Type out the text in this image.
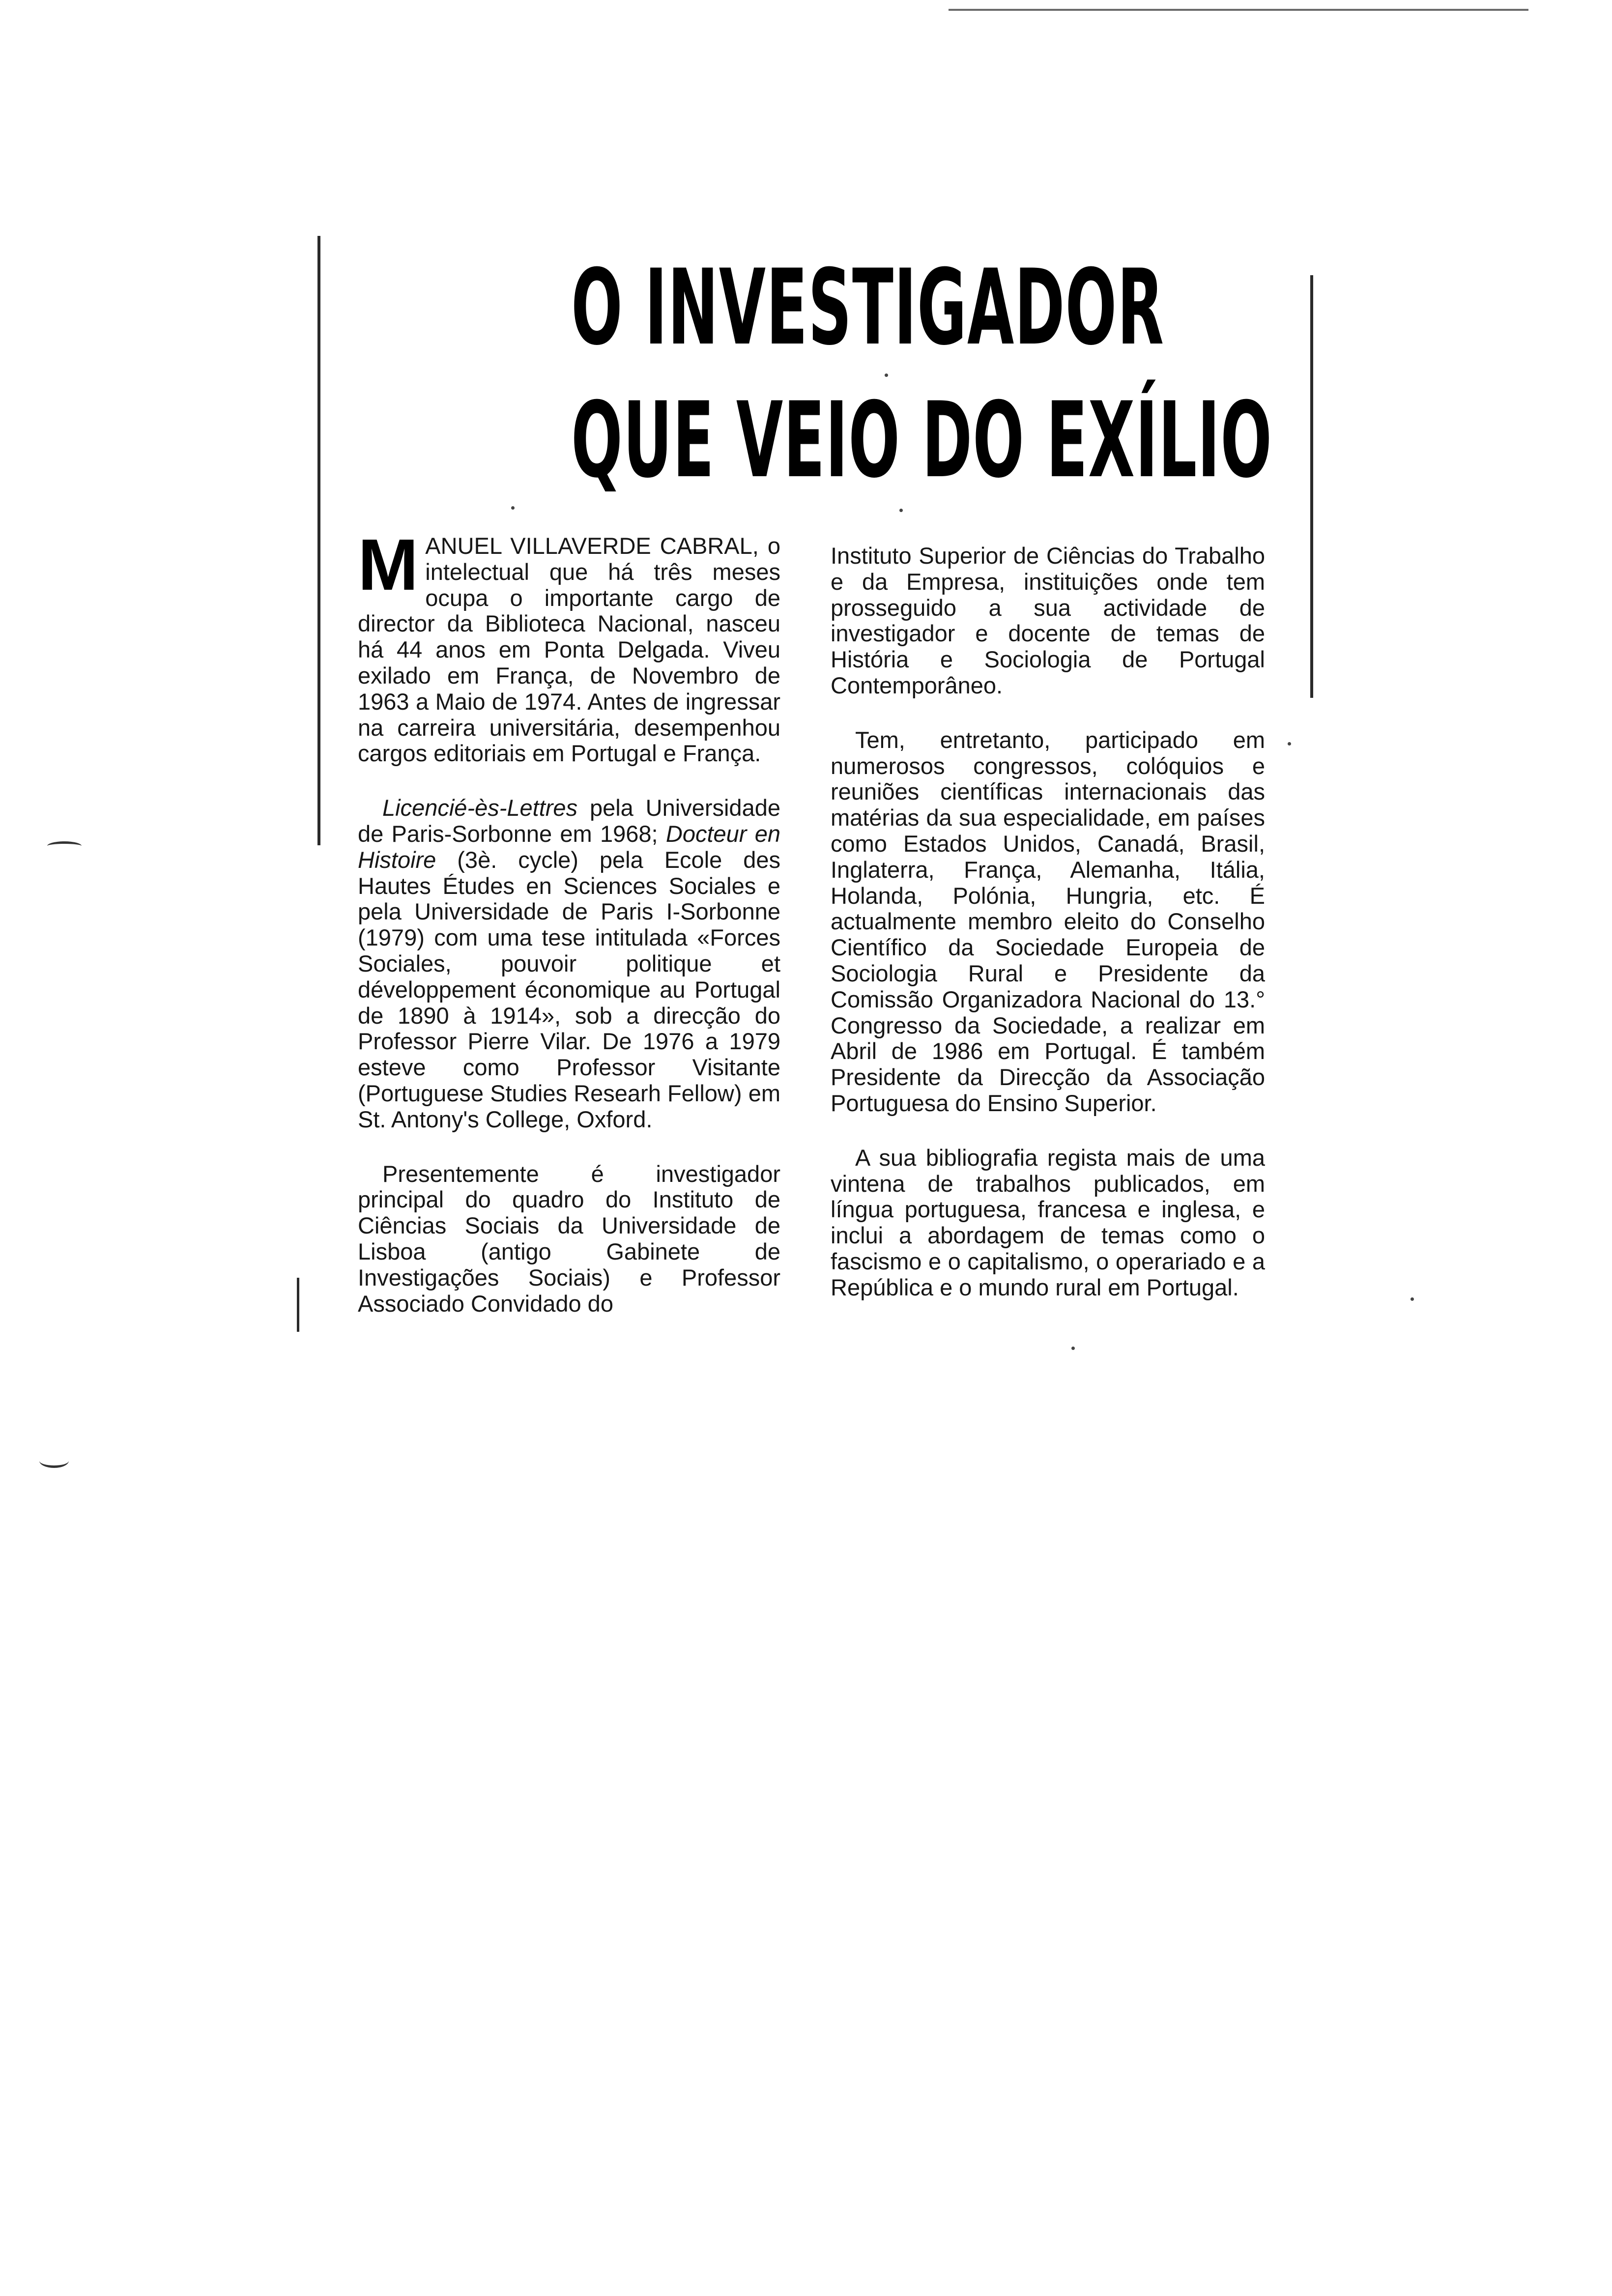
O INVESTIGADOR
QUE VEIO DO EXÍLIO

MANUEL VILLAVERDE CABRAL, o intelectual que há três meses ocupa o importante cargo de director da Biblioteca Nacional, nasceu há 44 anos em Ponta Delgada. Viveu exilado em França, de Novembro de 1963 a Maio de 1974. Antes de ingressar na carreira universitária, desempenhou cargos editoriais em Portugal e França.

Licencié-ès-Lettres pela Universidade de Paris-Sorbonne em 1968; Docteur en Histoire (3è. cycle) pela Ecole des Hautes Études en Sciences Sociales e pela Universidade de Paris I-Sorbonne (1979) com uma tese intitulada «Forces Sociales, pouvoir politique et développement économique au Portugal de 1890 à 1914», sob a direcção do Professor Pierre Vilar. De 1976 a 1979 esteve como Professor Visitante (Portuguese Studies Researh Fellow) em St. Antony's College, Oxford.

Presentemente é investigador principal do quadro do Instituto de Ciências Sociais da Universidade de Lisboa (antigo Gabinete de Investigações Sociais) e Professor Associado Convidado do

Instituto Superior de Ciências do Trabalho e da Empresa, instituições onde tem prosseguido a sua actividade de investigador e docente de temas de História e Sociologia de Portugal Contemporâneo.

Tem, entretanto, participado em numerosos congressos, colóquios e reuniões científicas internacionais das matérias da sua especialidade, em países como Estados Unidos, Canadá, Brasil, Inglaterra, França, Alemanha, Itália, Holanda, Polónia, Hungria, etc. É actualmente membro eleito do Conselho Científico da Sociedade Europeia de Sociologia Rural e Presidente da Comissão Organizadora Nacional do 13.° Congresso da Sociedade, a realizar em Abril de 1986 em Portugal. É também Presidente da Direcção da Associação Portuguesa do Ensino Superior.

A sua bibliografia regista mais de uma vintena de trabalhos publicados, em língua portuguesa, francesa e inglesa, e inclui a abordagem de temas como o fascismo e o capitalismo, o operariado e a República e o mundo rural em Portugal.
